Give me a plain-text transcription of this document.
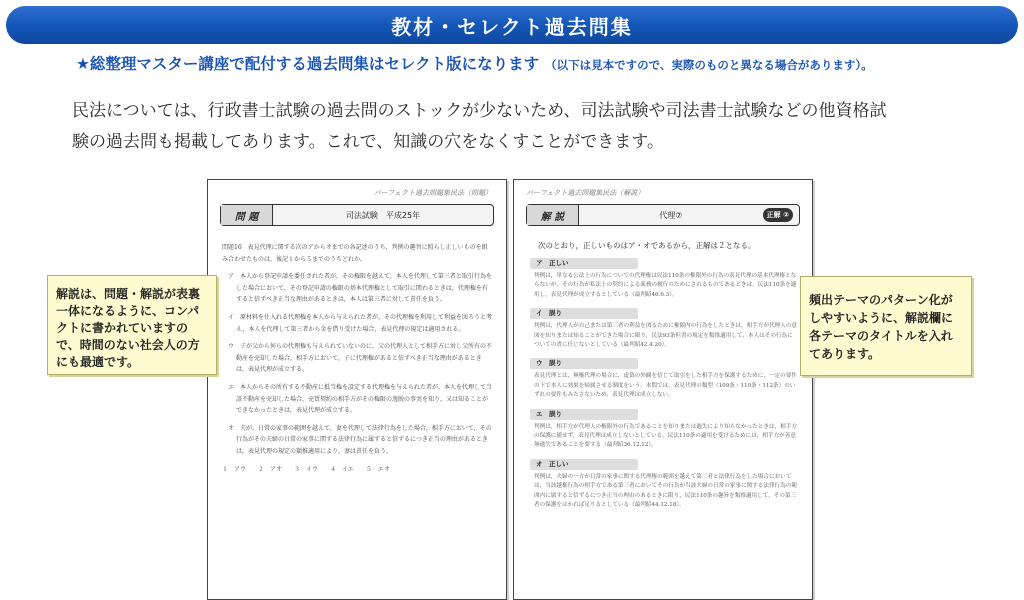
教材・セレクト過去問集
★総整理マスター講座で配付する過去問集はセレクト版になります （以下は見本ですので、実際のものと異なる場合があります）。
民法については、行政書士試験の過去問のストックが少ないため、司法試験や司法書士試験などの他資格試
験の過去問も掲載してあります。これで、知識の穴をなくすことができます。
パーフェクト過去問題集民法（問題）
問 題	司法試験　平成25年

問題16　表見代理に関する次のアからオまでの各記述のうち，判例の趣旨に照らし正しいものを組み合わせたものは，後記１から５までのうちどれか。

ア　本人から登記申請を委任された者が，その権限を越えて，本人を代理して第三者と取引行為をした場合において，その登記申請の権限の基本代理権として取引に関わるときは，代理権を有すると信ずべき正当な理由があるときは，本人は第三者に対して責任を負う。

イ　原材料を仕入れる代理権を本人から与えられた者が，その代理権を利用して利益を図ろうと考え，本人を代理して第三者から金を借り受けた場合，表見代理の規定は適用される。

ウ　子が父から何らの代理権も与えられていないのに，父の代理人として相手方に対し父所有の不動産を売却した場合，相手方において，子に代理権があると信ずべき正当な理由があるときは，表見代理が成立する。

エ　本人からその所有する不動産に抵当権を設定する代理権を与えられた者が，本人を代理して当該不動産を売却した場合，売買契約の相手方がその権限の逸脱の事実を知り，又は知ることができなかったときは，表見代理が成立する。

オ　夫が，日常の家事の範囲を越えて，妻を代理して法律行為をした場合，相手方において，その行為がその夫婦の日常の家事に関する法律行為に属すると信ずるにつき正当の理由があるときは，表見代理の規定の類推適用により，妻は責任を負う。

１　アウ　　２　アオ　　３　イウ　　４　イエ　　５　エオ

パーフェクト過去問題集民法（解説）
解 説	代理⑦	正解 ②
次のとおり，正しいものはア・オであるから，正解は２となる。
ア　正しい
判例は，単なる公法上の行為についての代理権は民法110条の権限外の行為の表見代理の基本代理権とならないが，その行為が私法上の契約による義務の履行のためにされるものであるときは，民法110条を適用し，表見代理が成立するとしている（最判昭46.6.3）。
イ　誤り
判例は，代理人が自己または第三者の利益を図るために権限内の行為をしたときは，相手方が代理人の意図を知りまたは知ることができた場合に限り，民法93条但書の規定を類推適用して，本人はその行為についての責に任じないとしている（最判昭42.4.20）。
ウ　誤り
表見代理とは，無権代理の場合に，虚偽の外観を信じて取引をした相手方を保護するために，一定の要件の下で本人に効果を帰属させる制度をいう。本問では，表見代理の類型（109条・110条・112条）のいずれの要件もみたさないため，表見代理は成立しない。
エ　誤り
判例は，相手方が代理人の権限外の行為であることを知りまたは過失により知らなかったときは，相手方の保護に値せず，表見代理は成立しないとしている。民法110条の適用を受けるためには，相手方が善意無過失であることを要する（最判昭36.12.12）。
オ　正しい
判例は，夫婦の一方が日常の家事に関する代理権の範囲を越えて第三者と法律行為をした場合においては，当該越権行為の相手方である第三者においてその行為が当該夫婦の日常の家事に関する法律行為の範囲内に属すると信ずるにつき正当の理由のあるときに限り，民法110条の趣旨を類推適用して，その第三者の保護をはかれば足りるとしている（最判昭44.12.18）。
解説は、問題・解説が表裏一体になるように、コンパクトに書かれていますので、時間のない社会人の方にも最適です。
頻出テーマのパターン化がしやすいように、解説欄に各テーマのタイトルを入れてあります。
